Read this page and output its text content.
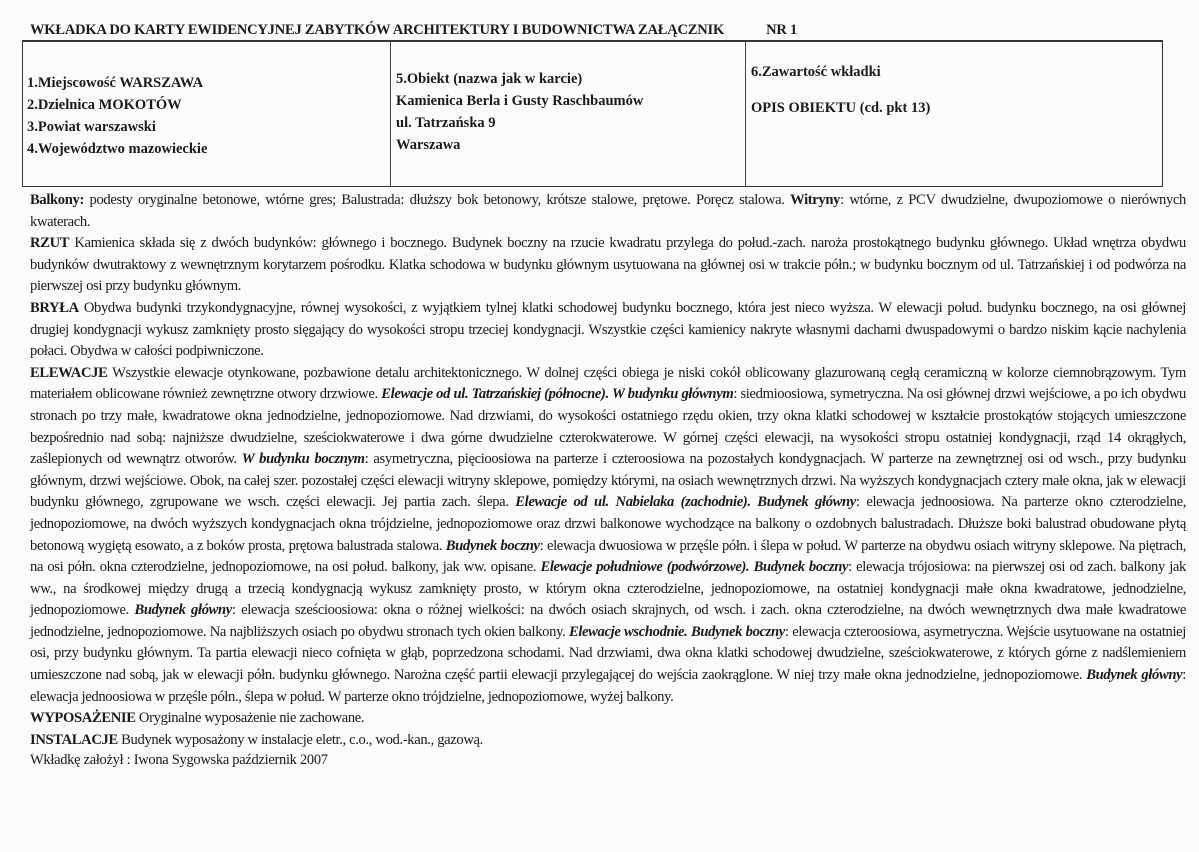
WKŁADKA DO KARTY EWIDENCYJNEJ ZABYTKÓW ARCHITEKTURY I BUDOWNICTWA ZAŁĄCZNIK	NR 1
1.Miejscowość WARSZAWA
2.Dzielnica MOKOTÓW
3.Powiat warszawski
4.Województwo mazowieckie
5.Obiekt (nazwa jak w karcie)
Kamienica Berla i Gusty Raschbaumów
ul. Tatrzańska 9
Warszawa
6.Zawartość wkładki
OPIS OBIEKTU (cd. pkt 13)

Balkony: podesty oryginalne betonowe, wtórne gres; Balustrada: dłuższy bok betonowy, krótsze stalowe, prętowe. Poręcz stalowa. Witryny: wtórne, z PCV dwudzielne, dwupoziomowe o nierównych kwaterach.

RZUT Kamienica składa się z dwóch budynków: głównego i bocznego. Budynek boczny na rzucie kwadratu przylega do połud.-zach. naroża prostokątnego budynku głównego. Układ wnętrza obydwu budynków dwutraktowy z wewnętrznym korytarzem pośrodku. Klatka schodowa w budynku głównym usytuowana na głównej osi w trakcie półn.; w budynku bocznym od ul. Tatrzańskiej i od podwórza na pierwszej osi przy budynku głównym.

BRYŁA Obydwa budynki trzykondygnacyjne, równej wysokości, z wyjątkiem tylnej klatki schodowej budynku bocznego, która jest nieco wyższa. W elewacji połud. budynku bocznego, na osi głównej drugiej kondygnacji wykusz zamknięty prosto sięgający do wysokości stropu trzeciej kondygnacji. Wszystkie części kamienicy nakryte własnymi dachami dwuspadowymi o bardzo niskim kącie nachylenia połaci. Obydwa w całości podpiwniczone.

ELEWACJE Wszystkie elewacje otynkowane, pozbawione detalu architektonicznego. W dolnej części obiega je niski cokół oblicowany glazurowaną cegłą ceramiczną w kolorze ciemnobrązowym. Tym materiałem oblicowane również zewnętrzne otwory drzwiowe. Elewacje od ul. Tatrzańskiej (północne). W budynku głównym: siedmioosiowa, symetryczna. Na osi głównej drzwi wejściowe, a po ich obydwu stronach po trzy małe, kwadratowe okna jednodzielne, jednopoziomowe. Nad drzwiami, do wysokości ostatniego rzędu okien, trzy okna klatki schodowej w kształcie prostokątów stojących umieszczone bezpośrednio nad sobą: najniższe dwudzielne, sześciokwaterowe i dwa górne dwudzielne czterokwaterowe. W górnej części elewacji, na wysokości stropu ostatniej kondygnacji, rząd 14 okrągłych, zaślepionych od wewnątrz otworów. W budynku bocznym: asymetryczna, pięcioosiowa na parterze i czteroosiowa na pozostałych kondygnacjach. W parterze na zewnętrznej osi od wsch., przy budynku głównym, drzwi wejściowe. Obok, na całej szer. pozostałej części elewacji witryny sklepowe, pomiędzy którymi, na osiach wewnętrznych drzwi. Na wyższych kondygnacjach cztery małe okna, jak w elewacji budynku głównego, zgrupowane we wsch. części elewacji. Jej partia zach. ślepa. Elewacje od ul. Nabielaka (zachodnie). Budynek główny: elewacja jednoosiowa. Na parterze okno czterodzielne, jednopoziomowe, na dwóch wyższych kondygnacjach okna trójdzielne, jednopoziomowe oraz drzwi balkonowe wychodzące na balkony o ozdobnych balustradach. Dłuższe boki balustrad obudowane płytą betonową wygiętą esowato, a z boków prosta, prętowa balustrada stalowa. Budynek boczny: elewacja dwuosiowa w przęśle półn. i ślepa w połud. W parterze na obydwu osiach witryny sklepowe. Na piętrach, na osi półn. okna czterodzielne, jednopoziomowe, na osi połud. balkony, jak ww. opisane. Elewacje południowe (podwórzowe). Budynek boczny: elewacja trójosiowa: na pierwszej osi od zach. balkony jak ww., na środkowej między drugą a trzecią kondygnacją wykusz zamknięty prosto, w którym okna czterodzielne, jednopoziomowe, na ostatniej kondygnacji małe okna kwadratowe, jednodzielne, jednopoziomowe. Budynek główny: elewacja sześcioosiowa: okna o różnej wielkości: na dwóch osiach skrajnych, od wsch. i zach. okna czterodzielne, na dwóch wewnętrznych dwa małe kwadratowe jednodzielne, jednopoziomowe. Na najbliższych osiach po obydwu stronach tych okien balkony. Elewacje wschodnie. Budynek boczny: elewacja czteroosiowa, asymetryczna. Wejście usytuowane na ostatniej osi, przy budynku głównym. Ta partia elewacji nieco cofnięta w głąb, poprzedzona schodami. Nad drzwiami, dwa okna klatki schodowej dwudzielne, sześciokwaterowe, z których górne z nadślemieniem umieszczone nad sobą, jak w elewacji półn. budynku głównego. Narożna część partii elewacji przylegającej do wejścia zaokrąglone. W niej trzy małe okna jednodzielne, jednopoziomowe. Budynek główny: elewacja jednoosiowa w przęśle półn., ślepa w połud. W parterze okno trójdzielne, jednopoziomowe, wyżej balkony.

WYPOSAŻENIE Oryginalne wyposażenie nie zachowane.

INSTALACJE Budynek wyposażony w instalacje eletr., c.o., wod.-kan., gazową.

Wkładkę założył : Iwona Sygowska październik 2007
